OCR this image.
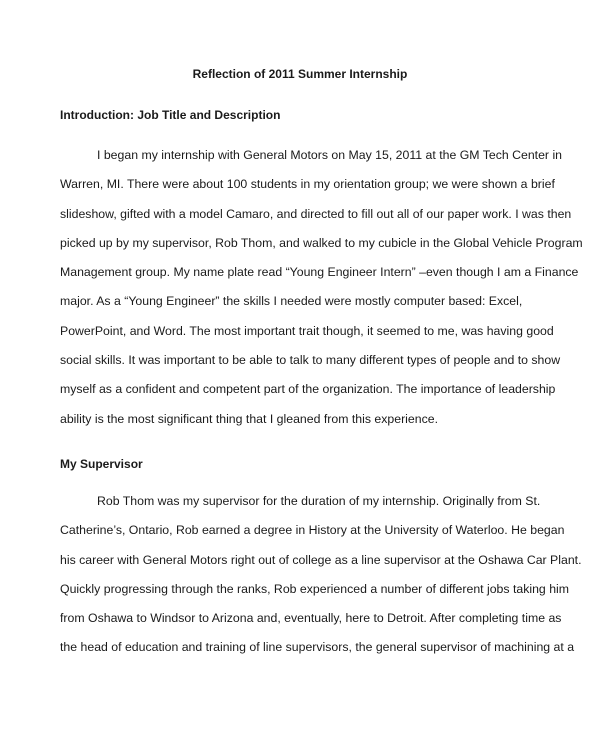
Reflection of 2011 Summer Internship
Introduction: Job Title and Description

I began my internship with General Motors on May 15, 2011 at the GM Tech Center in
Warren, MI. There were about 100 students in my orientation group; we were shown a brief
slideshow, gifted with a model Camaro, and directed to fill out all of our paper work. I was then
picked up by my supervisor, Rob Thom, and walked to my cubicle in the Global Vehicle Program
Management group. My name plate read “Young Engineer Intern” –even though I am a Finance
major. As a “Young Engineer” the skills I needed were mostly computer based: Excel,
PowerPoint, and Word. The most important trait though, it seemed to me, was having good
social skills. It was important to be able to talk to many different types of people and to show
myself as a confident and competent part of the organization. The importance of leadership
ability is the most significant thing that I gleaned from this experience.

My Supervisor

Rob Thom was my supervisor for the duration of my internship. Originally from St.
Catherine’s, Ontario, Rob earned a degree in History at the University of Waterloo. He began
his career with General Motors right out of college as a line supervisor at the Oshawa Car Plant.
Quickly progressing through the ranks, Rob experienced a number of different jobs taking him
from Oshawa to Windsor to Arizona and, eventually, here to Detroit. After completing time as
the head of education and training of line supervisors, the general supervisor of machining at a
